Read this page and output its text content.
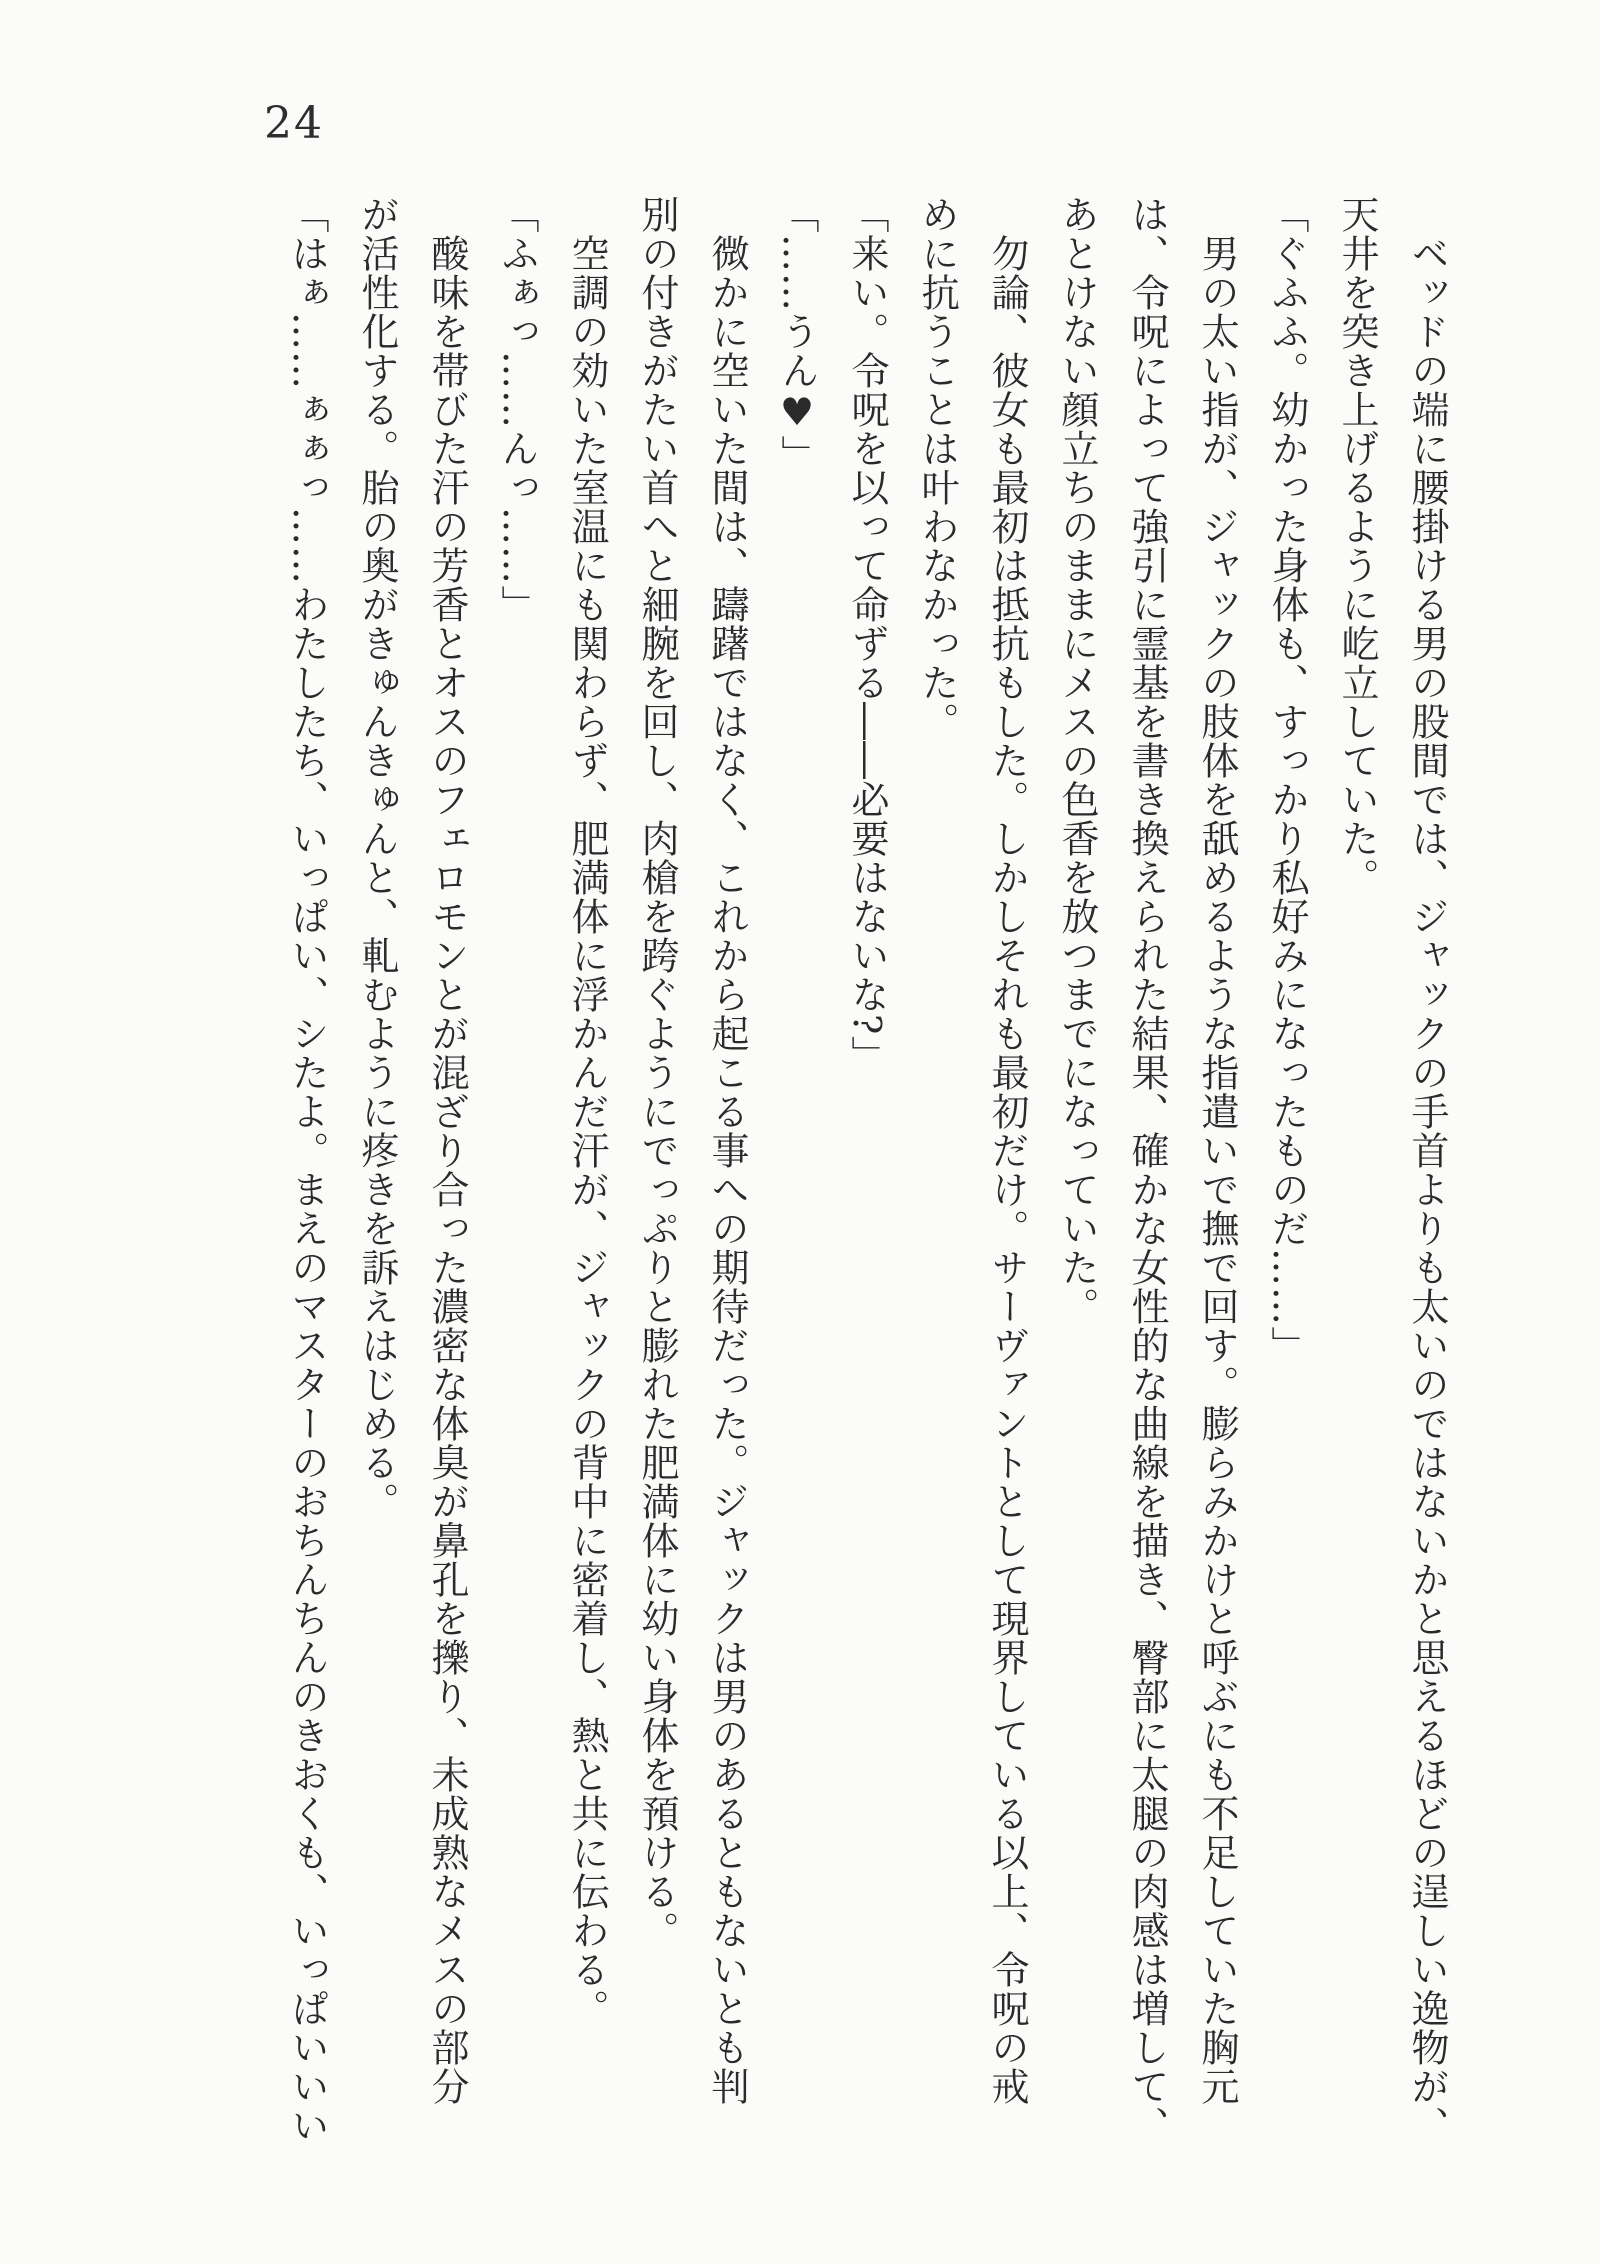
24
ベッドの端に腰掛ける男の股間では、ジャックの手首よりも太いのではないかと思えるほどの逞しい逸物が、
天井を突き上げるように屹立していた。
「ぐふふ。幼かった身体も、すっかり私好みになったものだ……」
男の太い指が、ジャックの肢体を舐めるような指遣いで撫で回す。膨らみかけと呼ぶにも不足していた胸元
は、令呪によって強引に霊基を書き換えられた結果、確かな女性的な曲線を描き、臀部に太腿の肉感は増して、
あとけない顔立ちのままにメスの色香を放つまでになっていた。
勿論、彼女も最初は抵抗もした。しかしそれも最初だけ。サーヴァントとして現界している以上、令呪の戒
めに抗うことは叶わなかった。
「来い。令呪を以って命ずる――必要はないな?」
「……うん♥」
微かに空いた間は、躊躇ではなく、これから起こる事への期待だった。ジャックは男のあるともないとも判
別の付きがたい首へと細腕を回し、肉槍を跨ぐようにでっぷりと膨れた肥満体に幼い身体を預ける。
空調の効いた室温にも関わらず、肥満体に浮かんだ汗が、ジャックの背中に密着し、熱と共に伝わる。
「ふぁっ……んっ……」
酸味を帯びた汗の芳香とオスのフェロモンとが混ざり合った濃密な体臭が鼻孔を擽り、未成熟なメスの部分
が活性化する。胎の奥がきゅんきゅんと、軋むように疼きを訴えはじめる。
「はぁ……ぁぁっ……わたしたち、いっぱい、シたよ。まえのマスターのおちんちんのきおくも、いっぱいいい
